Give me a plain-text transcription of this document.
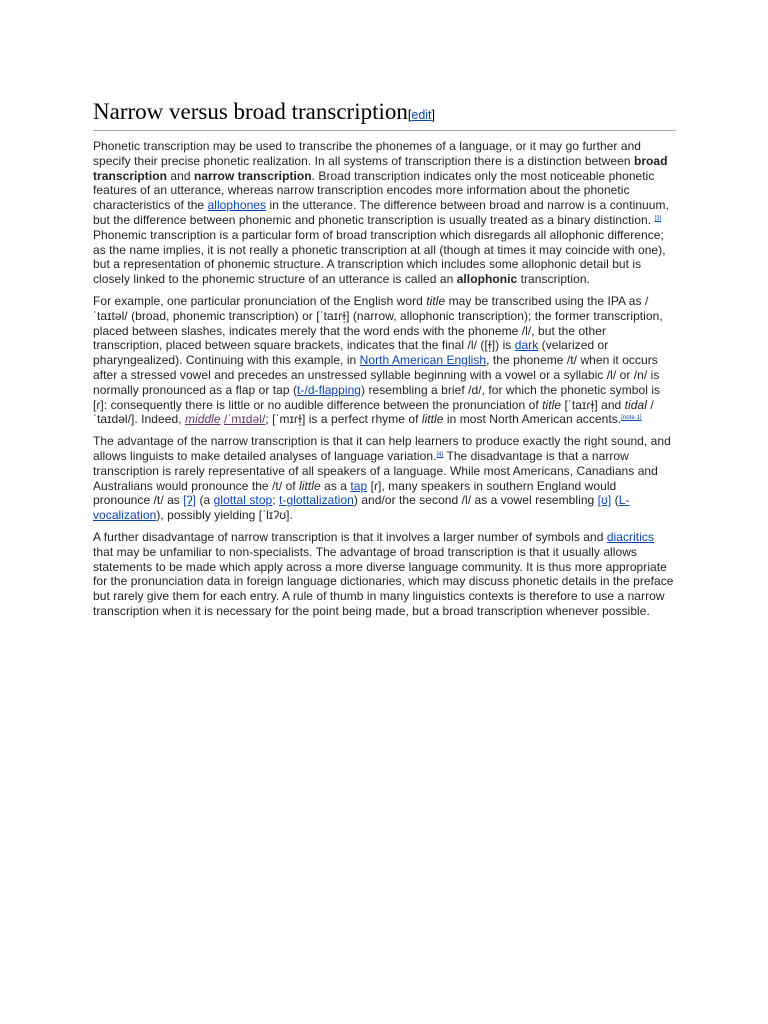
Narrow versus broad transcription[edit]

Phonetic transcription may be used to transcribe the phonemes of a language, or it may go further and specify their precise phonetic realization. In all systems of transcription there is a distinction between broad transcription and narrow transcription. Broad transcription indicates only the most noticeable phonetic features of an utterance, whereas narrow transcription encodes more information about the phonetic characteristics of the allophones in the utterance. The difference between broad and narrow is a continuum, but the difference between phonemic and phonetic transcription is usually treated as a binary distinction. [3] Phonemic transcription is a particular form of broad transcription which disregards all allophonic difference; as the name implies, it is not really a phonetic transcription at all (though at times it may coincide with one), but a representation of phonemic structure. A transcription which includes some allophonic detail but is closely linked to the phonemic structure of an utterance is called an allophonic transcription.

For example, one particular pronunciation of the English word title may be transcribed using the IPA as /ˈtaɪtəl/ (broad, phonemic transcription) or [ˈtaɪɾɫ̩] (narrow, allophonic transcription); the former transcription, placed between slashes, indicates merely that the word ends with the phoneme /l/, but the other transcription, placed between square brackets, indicates that the final /l/ ([ɫ̩]) is dark (velarized or pharyngealized). Continuing with this example, in North American English, the phoneme /t/ when it occurs after a stressed vowel and precedes an unstressed syllable beginning with a vowel or a syllabic /l/ or /n/ is normally pronounced as a flap or tap (t-/d-flapping) resembling a brief /d/, for which the phonetic symbol is [ɾ]: consequently there is little or no audible difference between the pronunciation of title [ˈtaɪɾɫ̩] and tidal /ˈtaɪdəl/]. Indeed, middle /ˈmɪdəl/; [ˈmɪɾɫ̩] is a perfect rhyme of little in most North American accents.[note 1]

The advantage of the narrow transcription is that it can help learners to produce exactly the right sound, and allows linguists to make detailed analyses of language variation.[4] The disadvantage is that a narrow transcription is rarely representative of all speakers of a language. While most Americans, Canadians and Australians would pronounce the /t/ of little as a tap [ɾ], many speakers in southern England would pronounce /t/ as [ʔ] (a glottal stop; t-glottalization) and/or the second /l/ as a vowel resembling [ʊ] (L-vocalization), possibly yielding [ˈlɪʔʊ].

A further disadvantage of narrow transcription is that it involves a larger number of symbols and diacritics that may be unfamiliar to non-specialists. The advantage of broad transcription is that it usually allows statements to be made which apply across a more diverse language community. It is thus more appropriate for the pronunciation data in foreign language dictionaries, which may discuss phonetic details in the preface but rarely give them for each entry. A rule of thumb in many linguistics contexts is therefore to use a narrow transcription when it is necessary for the point being made, but a broad transcription whenever possible.
